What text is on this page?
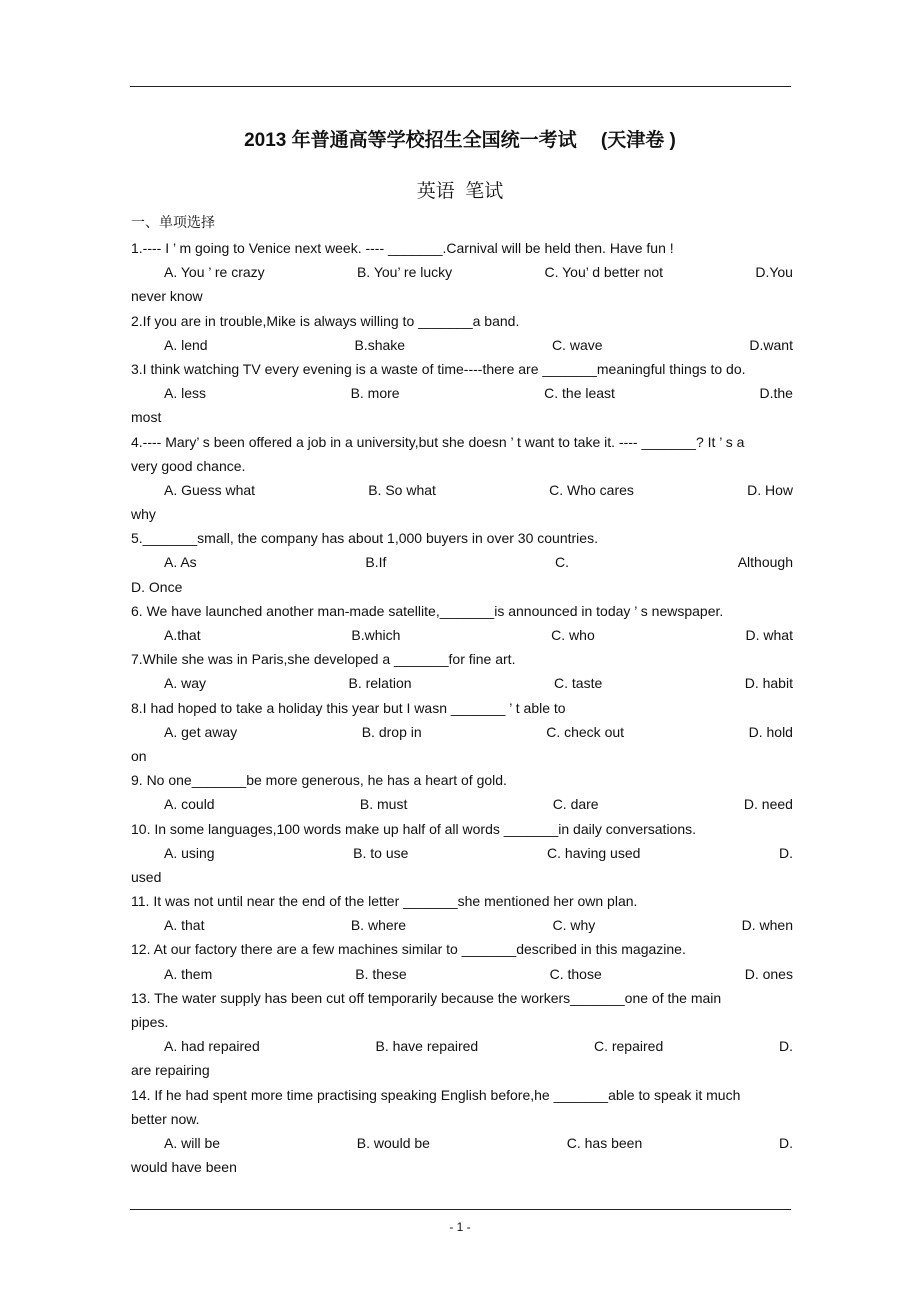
2013 年普通高等学校招生全国统一考试　 (天津卷 )
英语  笔试
一、单项选择
1.---- I ’ m going to Venice next week. ---- _______.Carnival will be held then. Have fun !
A. You ’ re crazy	B. You’ re lucky	C. You’ d better not	D.You
never know
2.If you are in trouble,Mike is always willing to _______a band.
A. lend	B.shake	C. wave	D.want
3.I think watching TV every evening is a waste of time----there are _______meaningful things to do.
A. less	B. more	C. the least	D.the
most
4.---- Mary’ s been offered a job in a university,but she doesn ’ t want to take it. ---- _______? It ’ s a
very good chance.
A. Guess what	B. So what	C. Who cares	D. How
why
5._______small, the company has about 1,000 buyers in over 30 countries.
A. As	B.If	C.	Although
D. Once
6. We have launched another man-made satellite,_______is announced in today ’ s newspaper.
A.that	B.which	C. who	D. what
7.While she was in Paris,she developed a _______for fine art.
A. way	B. relation	C. taste	D. habit
8.I had hoped to take a holiday this year but I wasn _______ ’ t able to
A. get away	B. drop in	C. check out	D. hold
on
9. No one_______be more generous, he has a heart of gold.
A. could	B. must	C. dare	D. need
10. In some languages,100 words make up half of all words _______in daily conversations.
A. using	B. to use	C. having used	D.
used
11. It was not until near the end of the letter _______she mentioned her own plan.
A. that	B. where	C. why	D. when
12. At our factory there are a few machines similar to _______described in this magazine.
A. them	B. these	C. those	D. ones
13. The water supply has been cut off temporarily because the workers_______one of the main
pipes.
A. had repaired	B. have repaired	C. repaired	D.
are repairing
14. If he had spent more time practising speaking English before,he _______able to speak it much
better now.
A. will be	B. would be	C. has been	D.
would have been
- 1 -
